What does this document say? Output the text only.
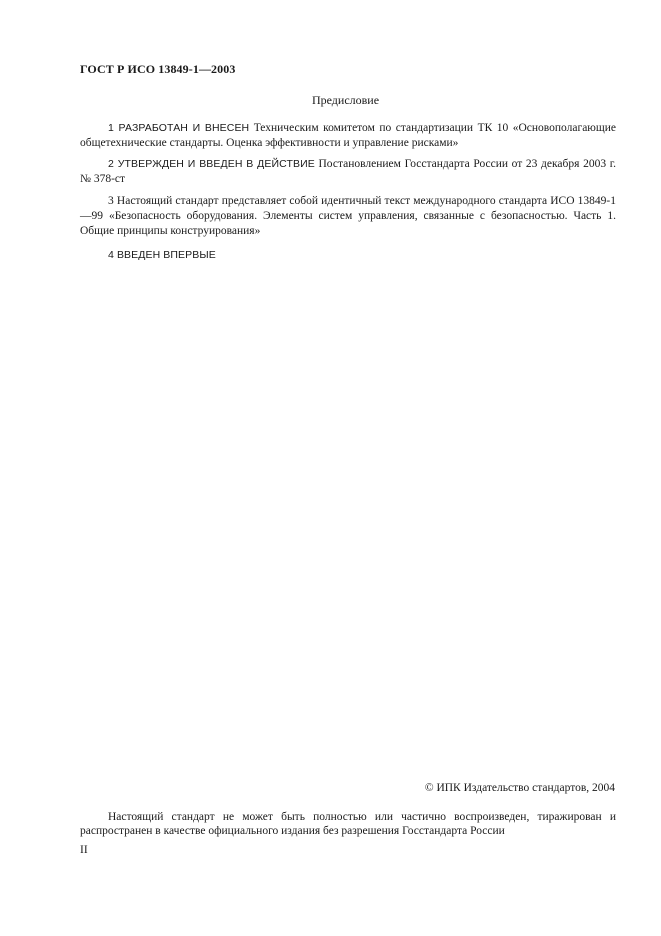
ГОСТ Р ИСО 13849-1—2003
Предисловие

1 РАЗРАБОТАН И ВНЕСЕН Техническим комитетом по стандартизации ТК 10 «Основополагающие общетехнические стандарты. Оценка эффективности и управление рисками»

2 УТВЕРЖДЕН И ВВЕДЕН В ДЕЙСТВИЕ Постановлением Госстандарта России от 23 декабря 2003 г. № 378-ст

3 Настоящий стандарт представляет собой идентичный текст международного стандарта ИСО 13849-1—99 «Безопасность оборудования. Элементы систем управления, связанные с безопасностью. Часть 1. Общие принципы конструирования»

4 ВВЕДЕН ВПЕРВЫЕ

© ИПК Издательство стандартов, 2004

Настоящий стандарт не может быть полностью или частично воспроизведен, тиражирован и распространен в качестве официального издания без разрешения Госстандарта России

II
